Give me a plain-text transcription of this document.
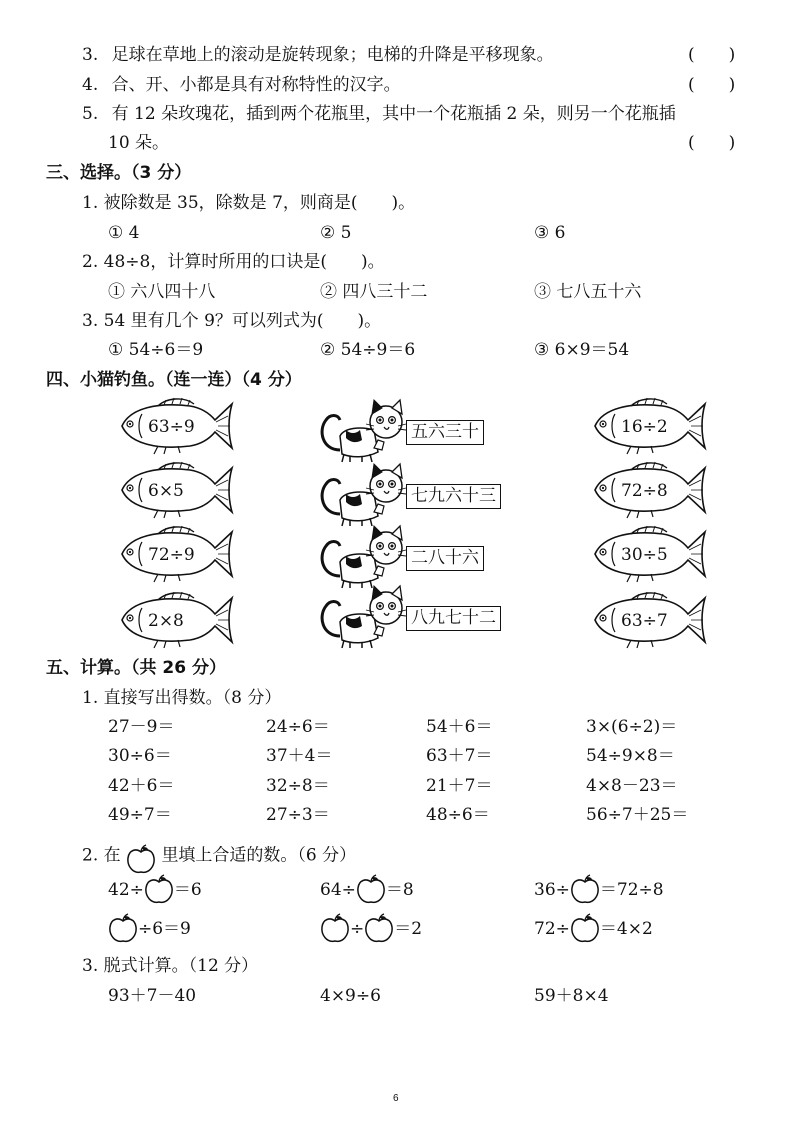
3. 足球在草地上的滚动是旋转现象；电梯的升降是平移现象。	(　　)
4. 合、开、小都是具有对称特性的汉字。	(　　)
5. 有 12 朵玫瑰花，插到两个花瓶里，其中一个花瓶插 2 朵，则另一个花瓶插
10 朵。	(　　)
三、选择。（3 分）
1. 被除数是 35，除数是 7，则商是(　　)。
① 4	② 5	③ 6
2. 48÷8，计算时所用的口诀是(　　)。
① 六八四十八	② 四八三十二	③ 七八五十六
3. 54 里有几个 9？可以列式为(　　)。
① 54÷6＝9	② 54÷9＝6	③ 6×9＝54
四、小猫钓鱼。（连一连）（4 分）
63÷9
6×5
72÷9
2×8
16÷2
72÷8
30÷5
63÷7
五六三十
七九六十三
二八十六
八九七十二
五、计算。（共 26 分）
1. 直接写出得数。（8 分）
27－9＝	24÷6＝	54＋6＝	3×(6÷2)＝
30÷6＝	37＋4＝	63＋7＝	54÷9×8＝
42＋6＝	32÷8＝	21＋7＝	4×8－23＝
49÷7＝	27÷3＝	48÷6＝	56÷7＋25＝
2. 在 里填上合适的数。（6 分）
42÷ ＝6	64÷ ＝8	36÷ ＝72÷8
÷6＝9	÷ ＝2	72÷ ＝4×2
3. 脱式计算。（12 分）
93＋7－40	4×9÷6	59＋8×4
6
